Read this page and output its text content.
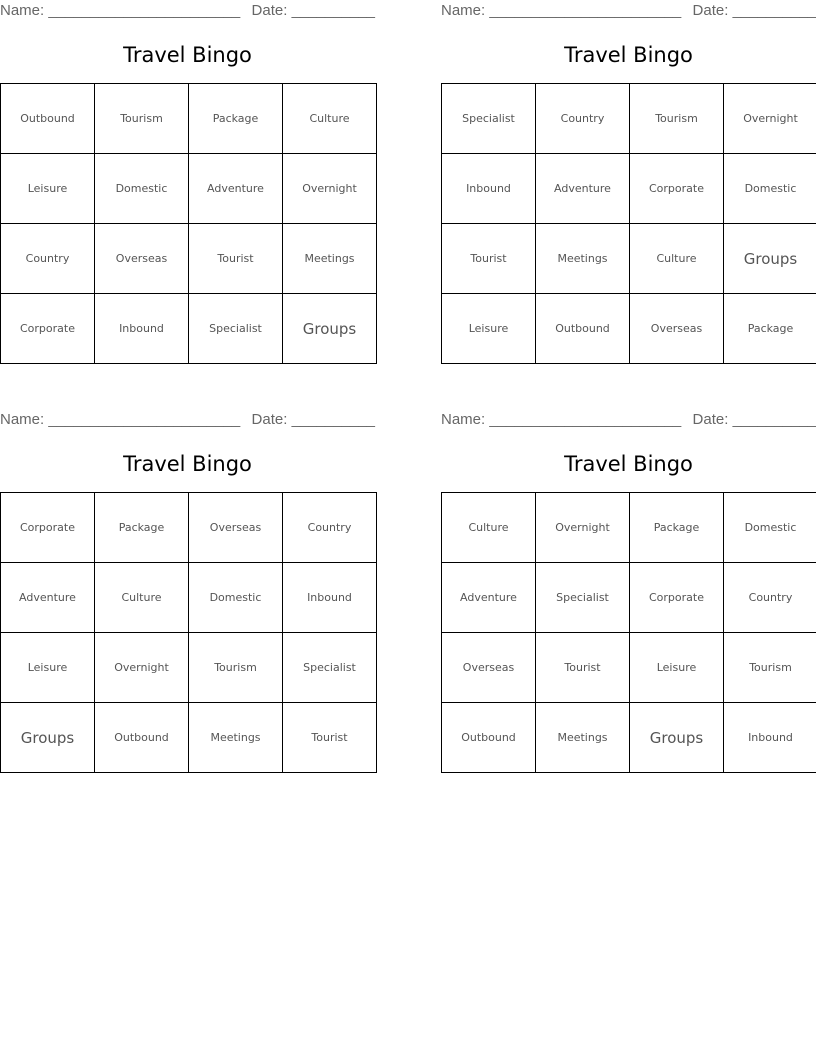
Name: _______________________ Date: __________
Travel Bingo
Outbound	Tourism	Package	Culture
Leisure	Domestic	Adventure	Overnight
Country	Overseas	Tourist	Meetings
Corporate	Inbound	Specialist	Groups
Name: _______________________ Date: __________
Travel Bingo
Specialist	Country	Tourism	Overnight
Inbound	Adventure	Corporate	Domestic
Tourist	Meetings	Culture	Groups
Leisure	Outbound	Overseas	Package
Name: _______________________ Date: __________
Travel Bingo
Corporate	Package	Overseas	Country
Adventure	Culture	Domestic	Inbound
Leisure	Overnight	Tourism	Specialist
Groups	Outbound	Meetings	Tourist
Name: _______________________ Date: __________
Travel Bingo
Culture	Overnight	Package	Domestic
Adventure	Specialist	Corporate	Country
Overseas	Tourist	Leisure	Tourism
Outbound	Meetings	Groups	Inbound
